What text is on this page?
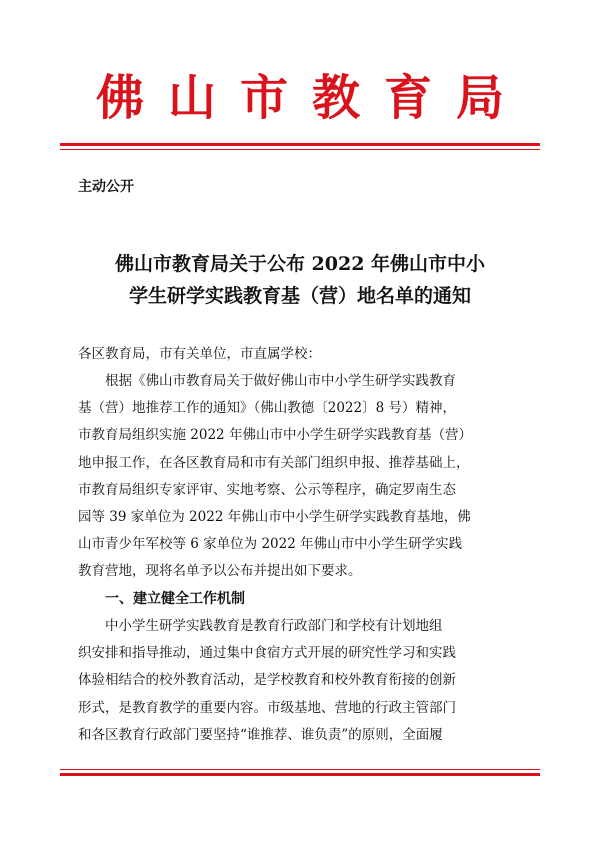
佛山市教育局
主动公开
佛山市教育局关于公布 2022 年佛山市中小
学生研学实践教育基（营）地名单的通知
各区教育局，市有关单位，市直属学校：
根据《佛山市教育局关于做好佛山市中小学生研学实践教育
基（营）地推荐工作的通知》（佛山教德〔2022〕8 号）精神，
市教育局组织实施 2022 年佛山市中小学生研学实践教育基（营）
地申报工作，在各区教育局和市有关部门组织申报、推荐基础上，
市教育局组织专家评审、实地考察、公示等程序，确定罗南生态
园等 39 家单位为 2022 年佛山市中小学生研学实践教育基地，佛
山市青少年军校等 6 家单位为 2022 年佛山市中小学生研学实践
教育营地，现将名单予以公布并提出如下要求。
一、建立健全工作机制
中小学生研学实践教育是教育行政部门和学校有计划地组
织安排和指导推动，通过集中食宿方式开展的研究性学习和实践
体验相结合的校外教育活动，是学校教育和校外教育衔接的创新
形式，是教育教学的重要内容。市级基地、营地的行政主管部门
和各区教育行政部门要坚持“谁推荐、谁负责”的原则，全面履
